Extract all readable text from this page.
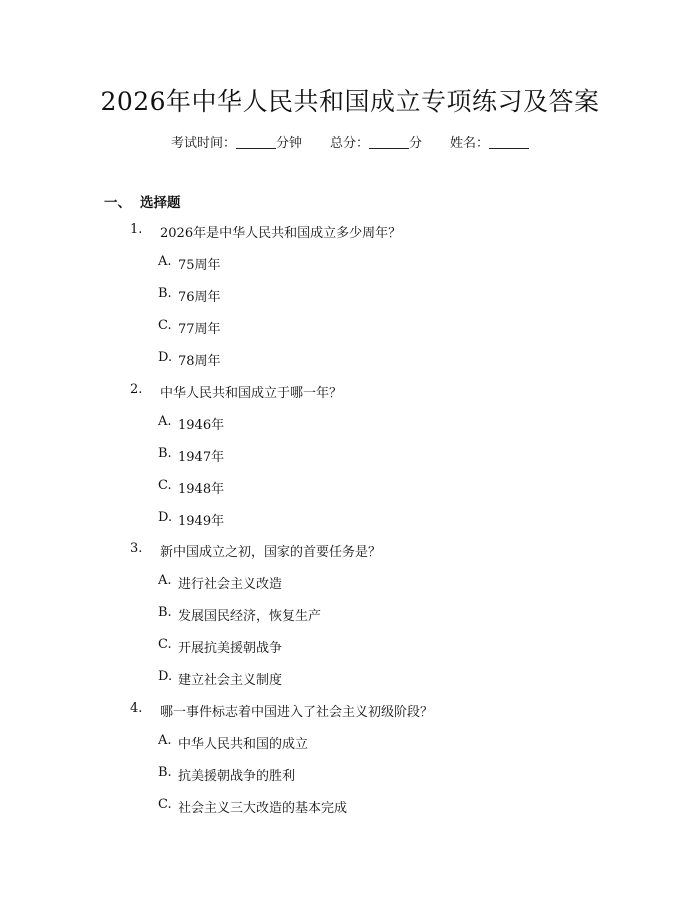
2026年中华人民共和国成立专项练习及答案
考试时间：	分钟 总分：	分 姓名：
一、 选择题
1. 2026年是中华人民共和国成立多少周年？
A. 75周年
B. 76周年
C. 77周年
D. 78周年
2. 中华人民共和国成立于哪一年？
A. 1946年
B. 1947年
C. 1948年
D. 1949年
3. 新中国成立之初，国家的首要任务是？
A. 进行社会主义改造
B. 发展国民经济，恢复生产
C. 开展抗美援朝战争
D. 建立社会主义制度
4. 哪一事件标志着中国进入了社会主义初级阶段？
A. 中华人民共和国的成立
B. 抗美援朝战争的胜利
C. 社会主义三大改造的基本完成
